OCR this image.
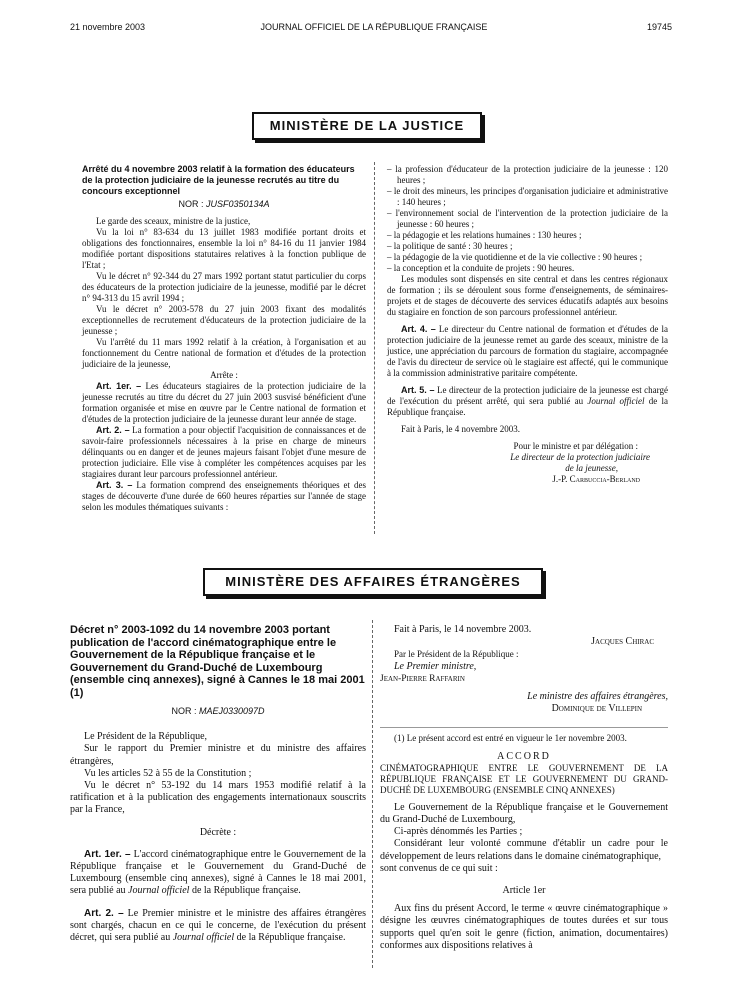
21 novembre 2003	JOURNAL OFFICIEL DE LA RÉPUBLIQUE FRANÇAISE	19745
MINISTÈRE DE LA JUSTICE

Arrêté du 4 novembre 2003 relatif à la formation des éducateurs de la protection judiciaire de la jeunesse recrutés au titre du concours exceptionnel

NOR : JUSF0350134A

Le garde des sceaux, ministre de la justice,

Vu la loi n° 83-634 du 13 juillet 1983 modifiée portant droits et obligations des fonctionnaires, ensemble la loi n° 84-16 du 11 janvier 1984 modifiée portant dispositions statutaires relatives à la fonction publique de l'Etat ;

Vu le décret n° 92-344 du 27 mars 1992 portant statut particulier du corps des éducateurs de la protection judiciaire de la jeunesse, modifié par le décret n° 94-313 du 15 avril 1994 ;

Vu le décret n° 2003-578 du 27 juin 2003 fixant des modalités exceptionnelles de recrutement d'éducateurs de la protection judiciaire de la jeunesse ;

Vu l'arrêté du 11 mars 1992 relatif à la création, à l'organisation et au fonctionnement du Centre national de formation et d'études de la protection judiciaire de la jeunesse,

Arrête :

Art. 1er. – Les éducateurs stagiaires de la protection judiciaire de la jeunesse recrutés au titre du décret du 27 juin 2003 susvisé bénéficient d'une formation organisée et mise en œuvre par le Centre national de formation et d'études de la protection judiciaire de la jeunesse durant leur année de stage.

Art. 2. – La formation a pour objectif l'acquisition de connaissances et de savoir-faire professionnels nécessaires à la prise en charge de mineurs délinquants ou en danger et de jeunes majeurs faisant l'objet d'une mesure de protection judiciaire. Elle vise à compléter les compétences acquises par les stagiaires durant leur parcours professionnel antérieur.

Art. 3. – La formation comprend des enseignements théoriques et des stages de découverte d'une durée de 660 heures réparties sur l'année de stage selon les modules thématiques suivants :

– la profession d'éducateur de la protection judiciaire de la jeunesse : 120 heures ;

– le droit des mineurs, les principes d'organisation judiciaire et administrative : 140 heures ;

– l'environnement social de l'intervention de la protection judiciaire de la jeunesse : 60 heures ;

– la pédagogie et les relations humaines : 130 heures ;

– la politique de santé : 30 heures ;

– la pédagogie de la vie quotidienne et de la vie collective : 90 heures ;

– la conception et la conduite de projets : 90 heures.

Les modules sont dispensés en site central et dans les centres régionaux de formation ; ils se déroulent sous forme d'enseignements, de séminaires-projets et de stages de découverte des services éducatifs adaptés aux besoins du stagiaire en fonction de son parcours professionnel antérieur.

Art. 4. – Le directeur du Centre national de formation et d'études de la protection judiciaire de la jeunesse remet au garde des sceaux, ministre de la justice, une appréciation du parcours de formation du stagiaire, accompagnée de l'avis du directeur de service où le stagiaire est affecté, qui le communique à la commission administrative paritaire compétente.

Art. 5. – Le directeur de la protection judiciaire de la jeunesse est chargé de l'exécution du présent arrêté, qui sera publié au Journal officiel de la République française.

Fait à Paris, le 4 novembre 2003.

Pour le ministre et par délégation :

Le directeur de la protection judiciaire

de la jeunesse,

J.-P. Carbuccia-Berland

MINISTÈRE DES AFFAIRES ÉTRANGÈRES

Décret n° 2003-1092 du 14 novembre 2003 portant publication de l'accord cinématographique entre le Gouvernement de la République française et le Gouvernement du Grand-Duché de Luxembourg (ensemble cinq annexes), signé à Cannes le 18 mai 2001 (1)

NOR : MAEJ0330097D

Le Président de la République,

Sur le rapport du Premier ministre et du ministre des affaires étrangères,

Vu les articles 52 à 55 de la Constitution ;

Vu le décret n° 53-192 du 14 mars 1953 modifié relatif à la ratification et à la publication des engagements internationaux souscrits par la France,

Décrète :

Art. 1er. – L'accord cinématographique entre le Gouvernement de la République française et le Gouvernement du Grand-Duché de Luxembourg (ensemble cinq annexes), signé à Cannes le 18 mai 2001, sera publié au Journal officiel de la République française.

Art. 2. – Le Premier ministre et le ministre des affaires étrangères sont chargés, chacun en ce qui le concerne, de l'exécution du présent décret, qui sera publié au Journal officiel de la République française.

Fait à Paris, le 14 novembre 2003.

Jacques Chirac

Par le Président de la République :

Le Premier ministre,

Jean-Pierre Raffarin

Le ministre des affaires étrangères,

Dominique de Villepin

(1) Le présent accord est entré en vigueur le 1er novembre 2003.

ACCORD

CINÉMATOGRAPHIQUE ENTRE LE GOUVERNEMENT DE LA RÉPUBLIQUE FRANÇAISE ET LE GOUVERNEMENT DU GRAND-DUCHÉ DE LUXEMBOURG (ENSEMBLE CINQ ANNEXES)

Le Gouvernement de la République française et le Gouvernement du Grand-Duché de Luxembourg,

Ci-après dénommés les Parties ;

Considérant leur volonté commune d'établir un cadre pour le développement de leurs relations dans le domaine cinématographique,

sont convenus de ce qui suit :

Article 1er

Aux fins du présent Accord, le terme « œuvre cinématographique » désigne les œuvres cinématographiques de toutes durées et sur tous supports quel qu'en soit le genre (fiction, animation, documentaires) conformes aux dispositions relatives à
